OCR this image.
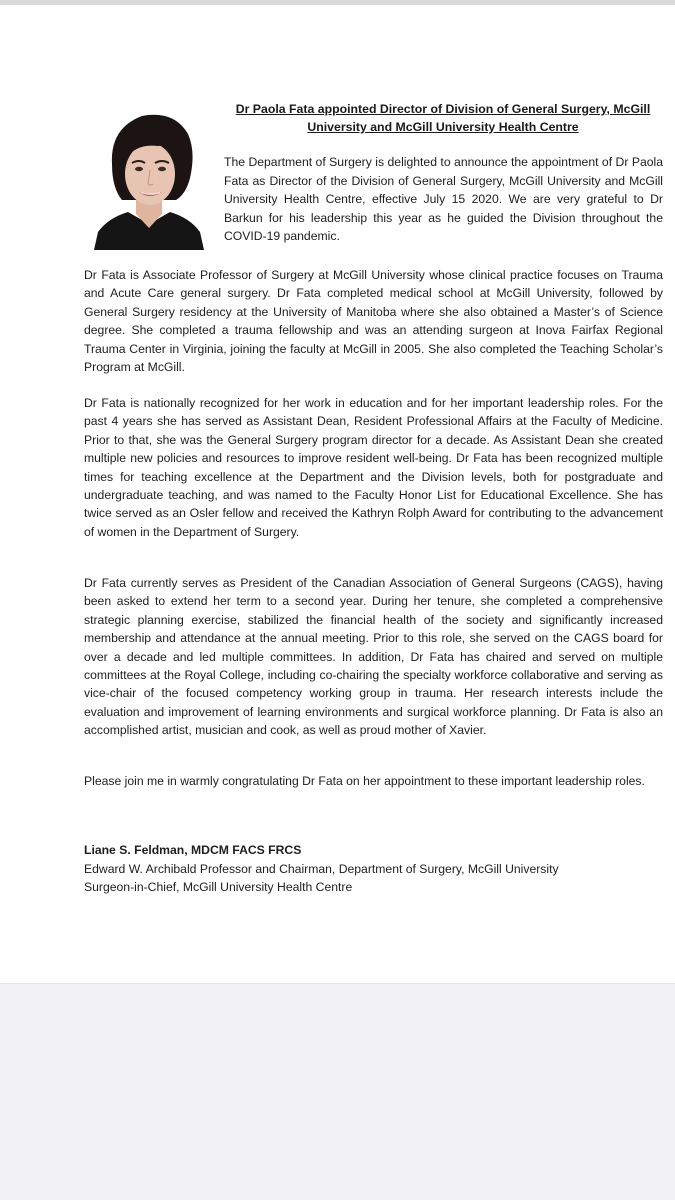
Dr Paola Fata appointed Director of Division of General Surgery, McGill University and McGill University Health Centre

The Department of Surgery is delighted to announce the appointment of Dr Paola Fata as Director of the Division of General Surgery, McGill University and McGill University Health Centre, effective July 15 2020. We are very grateful to Dr Barkun for his leadership this year as he guided the Division throughout the COVID-19 pandemic.

Dr Fata is Associate Professor of Surgery at McGill University whose clinical practice focuses on Trauma and Acute Care general surgery. Dr Fata completed medical school at McGill University, followed by General Surgery residency at the University of Manitoba where she also obtained a Master’s of Science degree. She completed a trauma fellowship and was an attending surgeon at Inova Fairfax Regional Trauma Center in Virginia, joining the faculty at McGill in 2005. She also completed the Teaching Scholar’s Program at McGill.

Dr Fata is nationally recognized for her work in education and for her important leadership roles. For the past 4 years she has served as Assistant Dean, Resident Professional Affairs at the Faculty of Medicine. Prior to that, she was the General Surgery program director for a decade. As Assistant Dean she created multiple new policies and resources to improve resident well-being. Dr Fata has been recognized multiple times for teaching excellence at the Department and the Division levels, both for postgraduate and undergraduate teaching, and was named to the Faculty Honor List for Educational Excellence. She has twice served as an Osler fellow and received the Kathryn Rolph Award for contributing to the advancement of women in the Department of Surgery.

Dr Fata currently serves as President of the Canadian Association of General Surgeons (CAGS), having been asked to extend her term to a second year. During her tenure, she completed a comprehensive strategic planning exercise, stabilized the financial health of the society and significantly increased membership and attendance at the annual meeting. Prior to this role, she served on the CAGS board for over a decade and led multiple committees. In addition, Dr Fata has chaired and served on multiple committees at the Royal College, including co-chairing the specialty workforce collaborative and serving as vice-chair of the focused competency working group in trauma. Her research interests include the evaluation and improvement of learning environments and surgical workforce planning. Dr Fata is also an accomplished artist, musician and cook, as well as proud mother of Xavier.

Please join me in warmly congratulating Dr Fata on her appointment to these important leadership roles.

Liane S. Feldman, MDCM FACS FRCS
Edward W. Archibald Professor and Chairman, Department of Surgery, McGill University
Surgeon-in-Chief, McGill University Health Centre
